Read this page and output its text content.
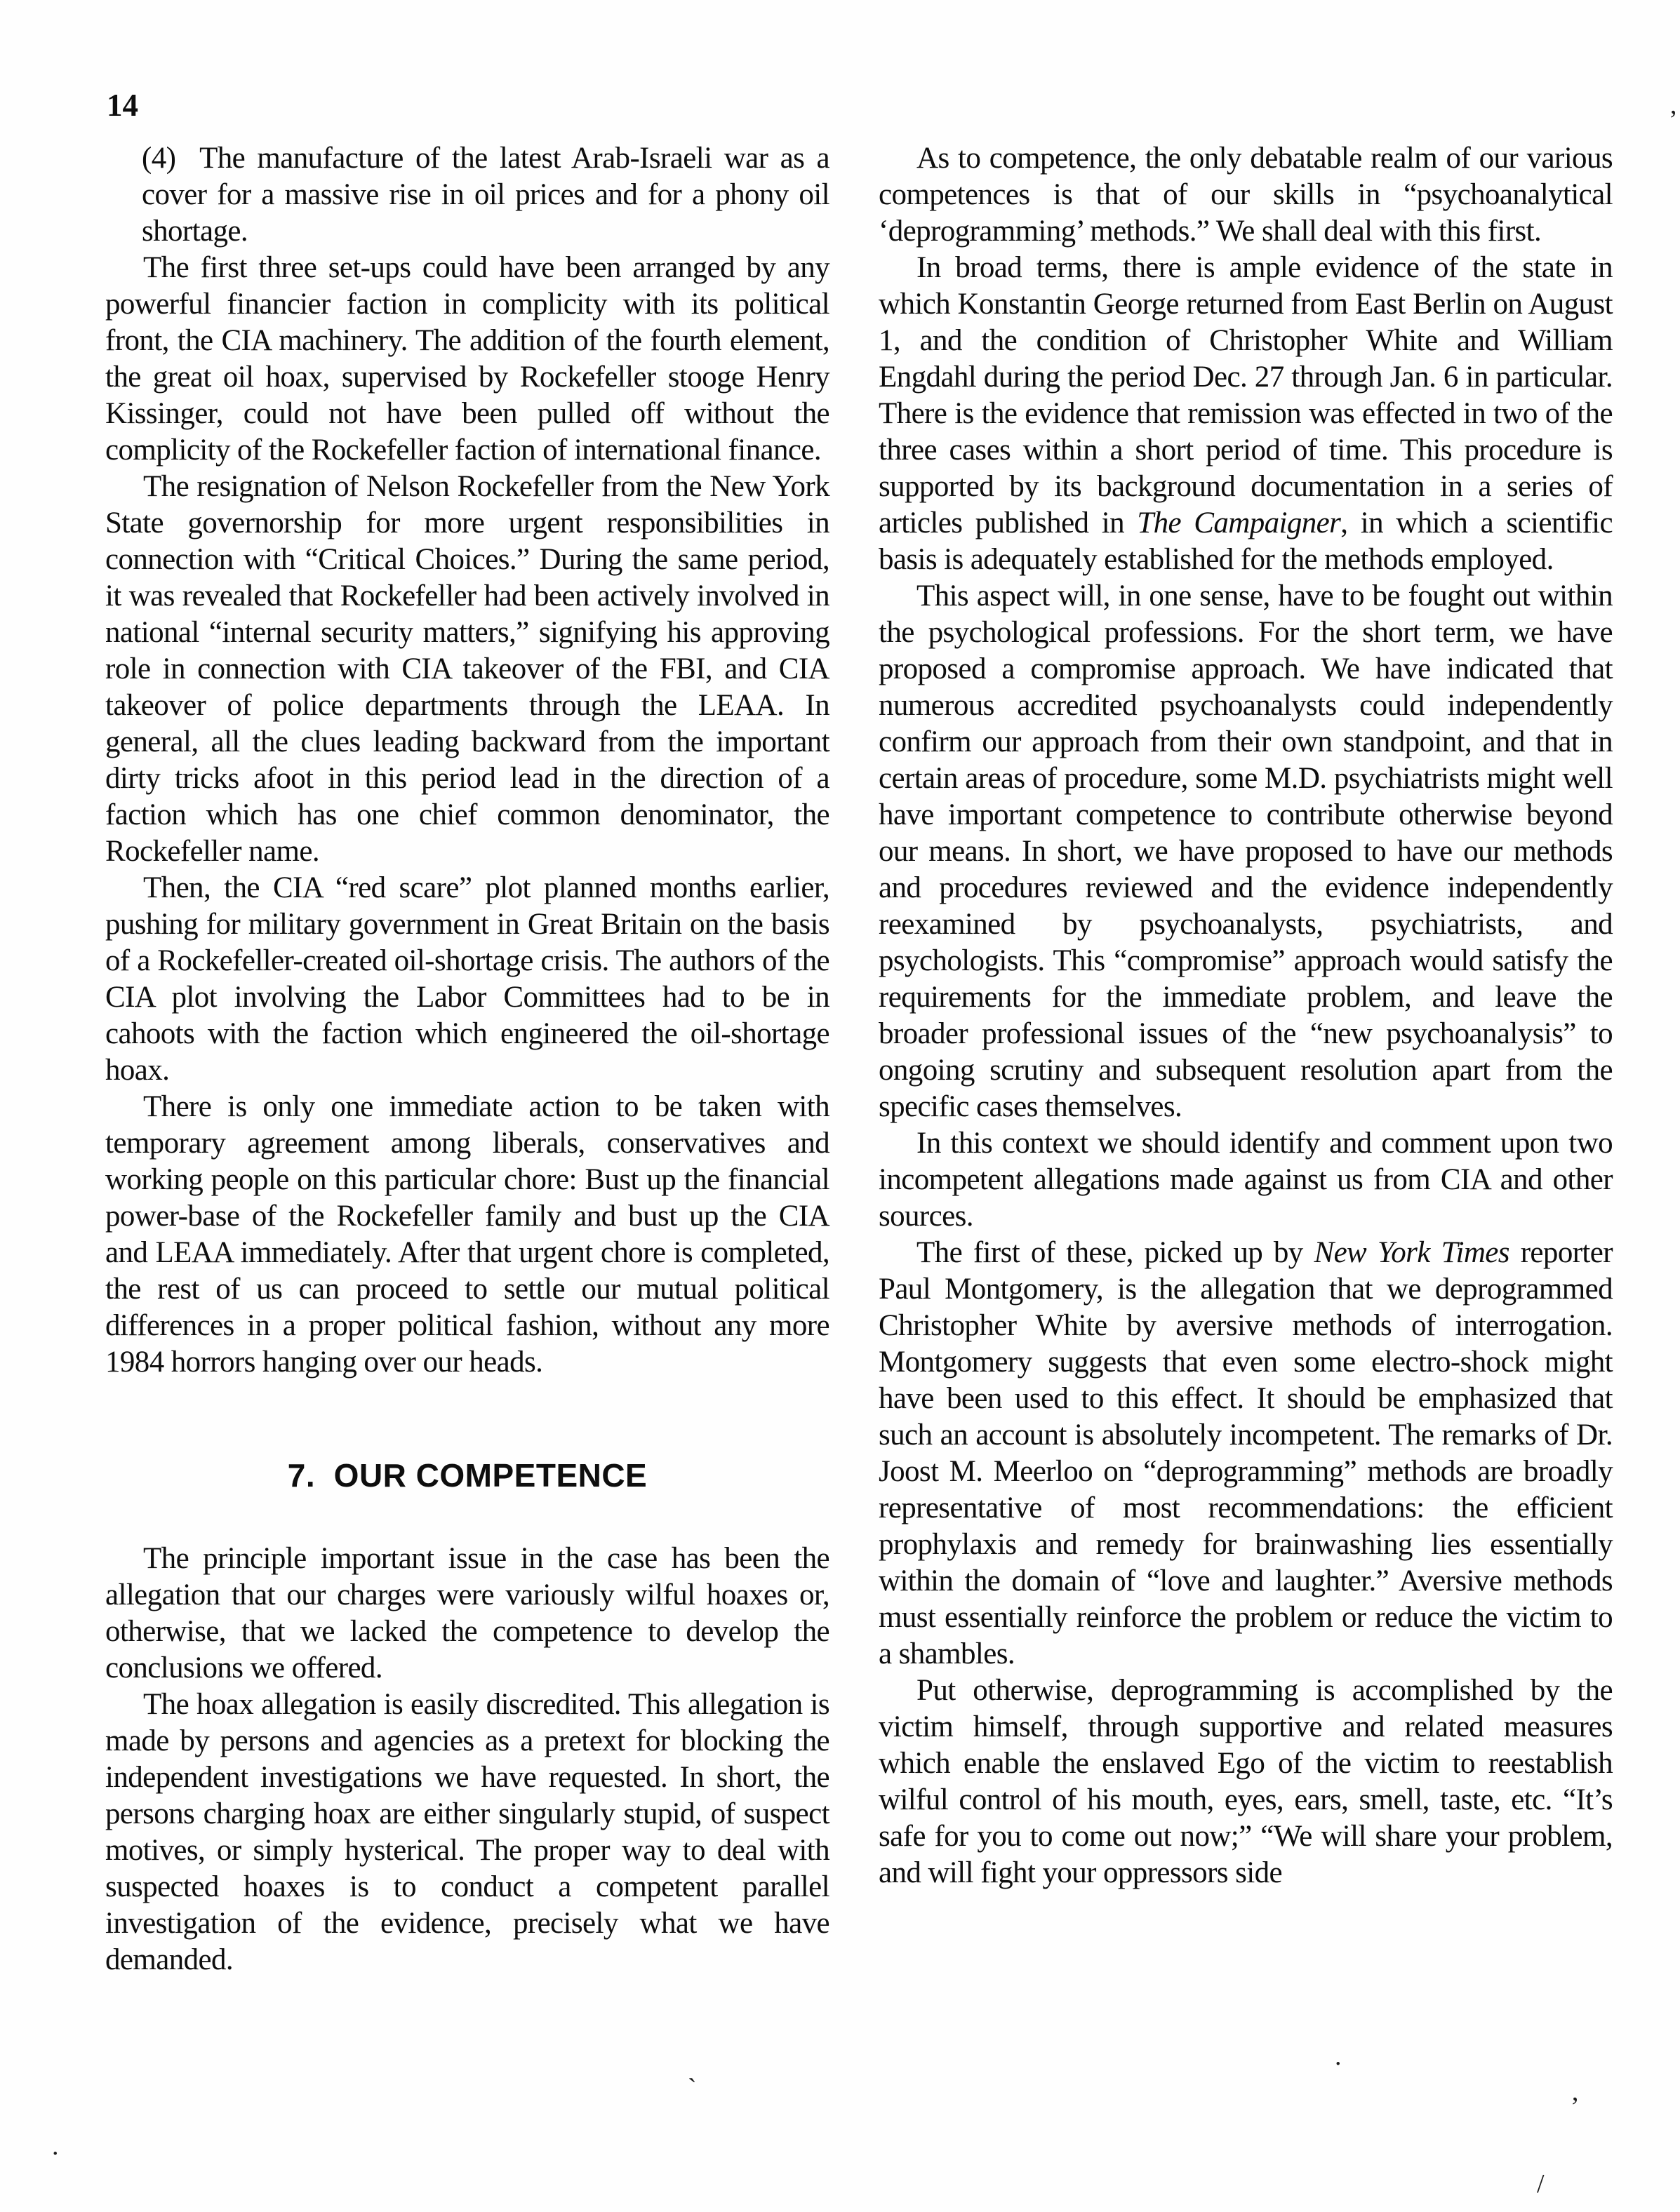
14

(4)  The manufacture of the latest Arab-Israeli war as a cover for a massive rise in oil prices and for a phony oil shortage.

The first three set-ups could have been arranged by any powerful financier faction in complicity with its political front, the CIA machinery. The addition of the fourth element, the great oil hoax, supervised by Rockefeller stooge Henry Kissinger, could not have been pulled off without the complicity of the Rockefeller faction of international finance.

The resignation of Nelson Rockefeller from the New York State governorship for more urgent responsibilities in connection with “Critical Choices.” During the same period, it was revealed that Rockefeller had been actively involved in national “internal security matters,” signifying his approving role in connection with CIA takeover of the FBI, and CIA takeover of police departments through the LEAA. In general, all the clues leading backward from the important dirty tricks afoot in this period lead in the direction of a faction which has one chief common denominator, the Rockefeller name.

Then, the CIA “red scare” plot planned months earlier, pushing for military government in Great Britain on the basis of a Rockefeller-created oil-shortage crisis. The authors of the CIA plot involving the Labor Committees had to be in cahoots with the faction which engineered the oil-shortage hoax.

There is only one immediate action to be taken with temporary agreement among liberals, conservatives and working people on this particular chore: Bust up the financial power-base of the Rockefeller family and bust up the CIA and LEAA immediately. After that urgent chore is completed, the rest of us can proceed to settle our mutual political differences in a proper political fashion, without any more 1984 horrors hanging over our heads.

7.  OUR COMPETENCE

The principle important issue in the case has been the allegation that our charges were variously wilful hoaxes or, otherwise, that we lacked the competence to develop the conclusions we offered.

The hoax allegation is easily discredited. This allegation is made by persons and agencies as a pretext for blocking the independent investigations we have requested. In short, the persons charging hoax are either singularly stupid, of suspect motives, or simply hysterical. The proper way to deal with suspected hoaxes is to conduct a competent parallel investigation of the evidence, precisely what we have demanded.

As to competence, the only debatable realm of our various competences is that of our skills in “psychoanalytical ‘deprogramming’ methods.” We shall deal with this first.

In broad terms, there is ample evidence of the state in which Konstantin George returned from East Berlin on August 1, and the condition of Christopher White and William Engdahl during the period Dec. 27 through Jan. 6 in particular. There is the evidence that remission was effected in two of the three cases within a short period of time. This procedure is supported by its background documentation in a series of articles published in The Campaigner, in which a scientific basis is adequately established for the methods employed.

This aspect will, in one sense, have to be fought out within the psychological professions. For the short term, we have proposed a compromise approach. We have indicated that numerous accredited psychoanalysts could independently confirm our approach from their own standpoint, and that in certain areas of procedure, some M.D. psychiatrists might well have important competence to contribute otherwise beyond our means. In short, we have proposed to have our methods and procedures reviewed and the evidence independently reexamined by psychoanalysts, psychiatrists, and psychologists. This “compromise” approach would satisfy the requirements for the immediate problem, and leave the broader professional issues of the “new psychoanalysis” to ongoing scrutiny and subsequent resolution apart from the specific cases themselves.

In this context we should identify and comment upon two incompetent allegations made against us from CIA and other sources.

The first of these, picked up by New York Times reporter Paul Montgomery, is the allegation that we deprogrammed Christopher White by aversive methods of interrogation. Montgomery suggests that even some electro-shock might have been used to this effect. It should be emphasized that such an account is absolutely incompetent. The remarks of Dr. Joost M. Meerloo on “deprogramming” methods are broadly representative of most recommendations: the efficient prophylaxis and remedy for brainwashing lies essentially within the domain of “love and laughter.” Aversive methods must essentially reinforce the problem or reduce the victim to a shambles.

Put otherwise, deprogramming is accomplished by the victim himself, through supportive and related measures which enable the enslaved Ego of the victim to reestablish wilful control of his mouth, eyes, ears, smell, taste, etc. “It’s safe for you to come out now;” “We will share your problem, and will fight your oppressors side

’
`
.
’
.
/
